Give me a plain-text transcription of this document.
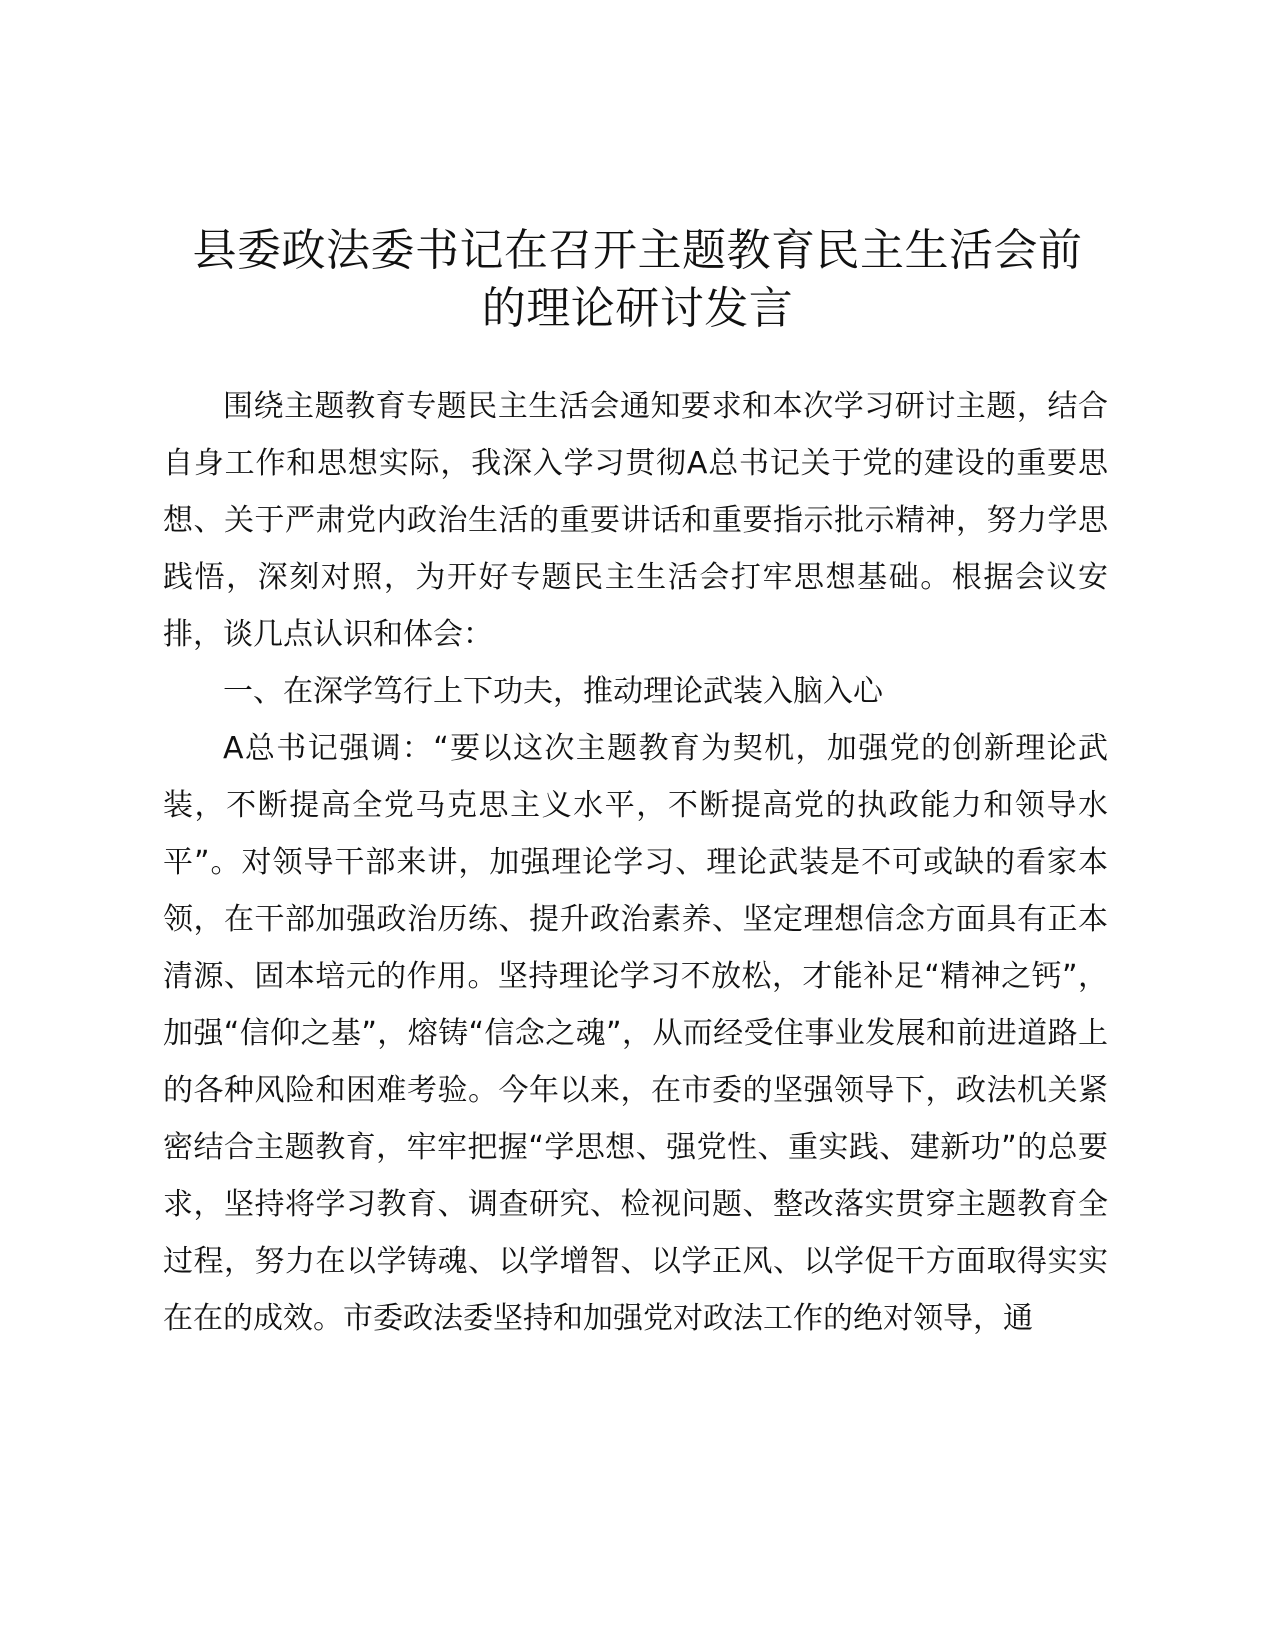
县委政法委书记在召开主题教育民主生活会前
的理论研讨发言

围绕主题教育专题民主生活会通知要求和本次学习研讨主题，结合自身工作和思想实际，我深入学习贯彻A总书记关于党的建设的重要思想、关于严肃党内政治生活的重要讲话和重要指示批示精神，努力学思践悟，深刻对照，为开好专题民主生活会打牢思想基础。根据会议安排，谈几点认识和体会：

一、在深学笃行上下功夫，推动理论武装入脑入心

A总书记强调：“要以这次主题教育为契机，加强党的创新理论武装，不断提高全党马克思主义水平，不断提高党的执政能力和领导水平”。对领导干部来讲，加强理论学习、理论武装是不可或缺的看家本领，在干部加强政治历练、提升政治素养、坚定理想信念方面具有正本清源、固本培元的作用。坚持理论学习不放松，才能补足“精神之钙”，加强“信仰之基”，熔铸“信念之魂”，从而经受住事业发展和前进道路上的各种风险和困难考验。今年以来，在市委的坚强领导下，政法机关紧密结合主题教育，牢牢把握“学思想、强党性、重实践、建新功”的总要求，坚持将学习教育、调查研究、检视问题、整改落实贯穿主题教育全过程，努力在以学铸魂、以学增智、以学正风、以学促干方面取得实实在在的成效。市委政法委坚持和加强党对政法工作的绝对领导，通
